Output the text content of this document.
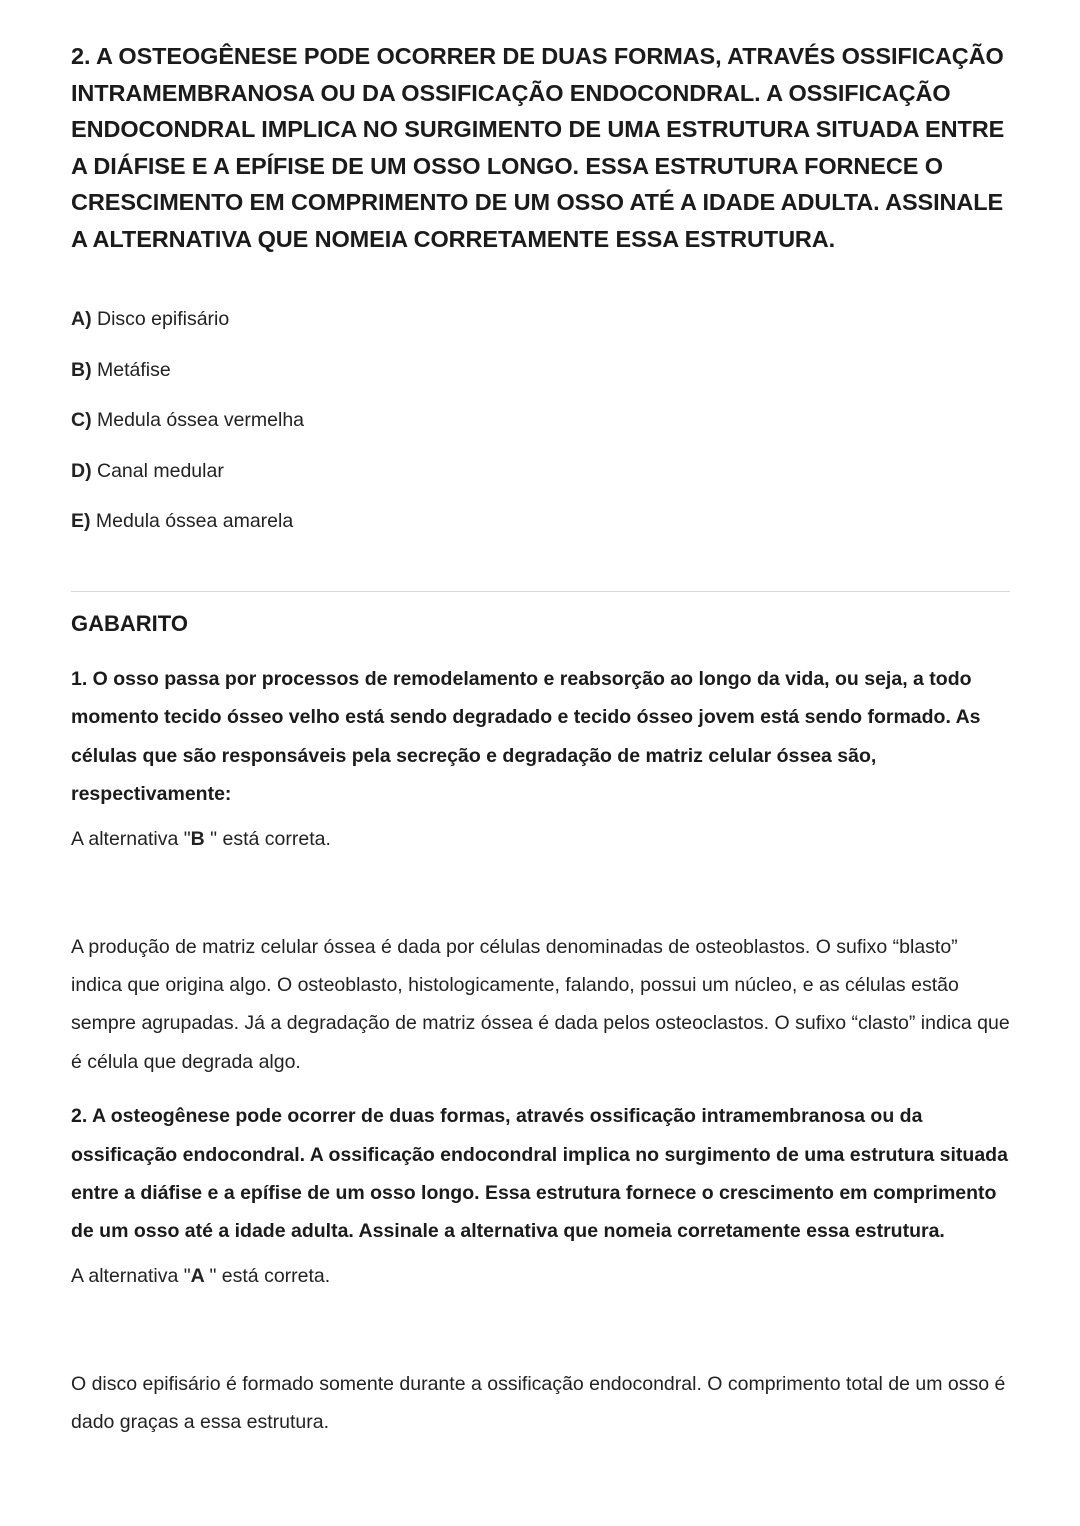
2. A OSTEOGÊNESE PODE OCORRER DE DUAS FORMAS, ATRAVÉS OSSIFICAÇÃO INTRAMEMBRANOSA OU DA OSSIFICAÇÃO ENDOCONDRAL. A OSSIFICAÇÃO ENDOCONDRAL IMPLICA NO SURGIMENTO DE UMA ESTRUTURA SITUADA ENTRE A DIÁFISE E A EPÍFISE DE UM OSSO LONGO. ESSA ESTRUTURA FORNECE O CRESCIMENTO EM COMPRIMENTO DE UM OSSO ATÉ A IDADE ADULTA. ASSINALE A ALTERNATIVA QUE NOMEIA CORRETAMENTE ESSA ESTRUTURA.
A) Disco epifisário
B) Metáfise
C) Medula óssea vermelha
D) Canal medular
E) Medula óssea amarela
GABARITO

1. O osso passa por processos de remodelamento e reabsorção ao longo da vida, ou seja, a todo momento tecido ósseo velho está sendo degradado e tecido ósseo jovem está sendo formado. As células que são responsáveis pela secreção e degradação de matriz celular óssea são, respectivamente:

A alternativa "B " está correta.

A produção de matriz celular óssea é dada por células denominadas de osteoblastos. O sufixo “blasto” indica que origina algo. O osteoblasto, histologicamente, falando, possui um núcleo, e as células estão sempre agrupadas. Já a degradação de matriz óssea é dada pelos osteoclastos. O sufixo “clasto” indica que é célula que degrada algo.

2. A osteogênese pode ocorrer de duas formas, através ossificação intramembranosa ou da ossificação endocondral. A ossificação endocondral implica no surgimento de uma estrutura situada entre a diáfise e a epífise de um osso longo. Essa estrutura fornece o crescimento em comprimento de um osso até a idade adulta. Assinale a alternativa que nomeia corretamente essa estrutura.

A alternativa "A " está correta.

O disco epifisário é formado somente durante a ossificação endocondral. O comprimento total de um osso é dado graças a essa estrutura.
